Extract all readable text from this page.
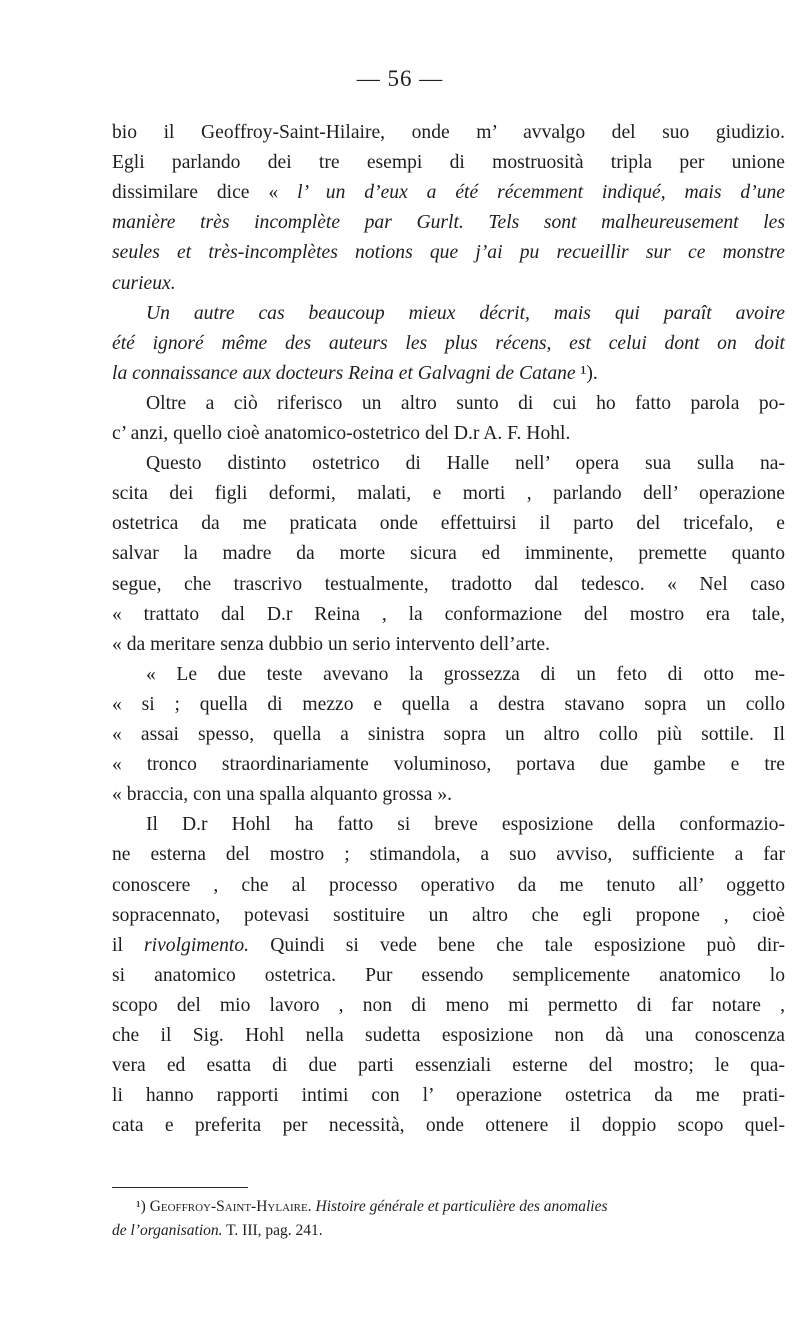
— 56 —
bio il Geoffroy-Saint-Hilaire, onde m’ avvalgo del suo giudizio.
Egli parlando dei tre esempi di mostruosità tripla per unione
dissimilare dice « l’ un d’eux a été récemment indiqué, mais d’une
manière très incomplète par Gurlt. Tels sont malheureusement les
seules et très-incomplètes notions que j’ai pu recueillir sur ce monstre
curieux.
Un autre cas beaucoup mieux décrit, mais qui paraît avoire
été ignoré même des auteurs les plus récens, est celui dont on doit
la connaissance aux docteurs Reina et Galvagni de Catane ¹).
Oltre a ciò riferisco un altro sunto di cui ho fatto parola po-
c’ anzi, quello cioè anatomico-ostetrico del D.r A. F. Hohl.
Questo distinto ostetrico di Halle nell’ opera sua sulla na-
scita dei figli deformi, malati, e morti , parlando dell’ operazione
ostetrica da me praticata onde effettuirsi il parto del tricefalo, e
salvar la madre da morte sicura ed imminente, premette quanto
segue, che trascrivo testualmente, tradotto dal tedesco. « Nel caso
« trattato dal D.r Reina , la conformazione del mostro era tale,
« da meritare senza dubbio un serio intervento dell’arte.
« Le due teste avevano la grossezza di un feto di otto me-
« si ; quella di mezzo e quella a destra stavano sopra un collo
« assai spesso, quella a sinistra sopra un altro collo più sottile. Il
« tronco straordinariamente voluminoso, portava due gambe e tre
« braccia, con una spalla alquanto grossa ».
Il D.r Hohl ha fatto si breve esposizione della conformazio-
ne esterna del mostro ; stimandola, a suo avviso, sufficiente a far
conoscere , che al processo operativo da me tenuto all’ oggetto
sopracennato, potevasi sostituire un altro che egli propone , cioè
il rivolgimento. Quindi si vede bene che tale esposizione può dir-
si anatomico ostetrica. Pur essendo semplicemente anatomico lo
scopo del mio lavoro , non di meno mi permetto di far notare ,
che il Sig. Hohl nella sudetta esposizione non dà una conoscenza
vera ed esatta di due parti essenziali esterne del mostro; le qua-
li hanno rapporti intimi con l’ operazione ostetrica da me prati-
cata e preferita per necessità, onde ottenere il doppio scopo quel-
¹) Geoffroy-Saint-Hylaire. Histoire générale et particulière des anomalies
de l’organisation. T. III, pag. 241.
